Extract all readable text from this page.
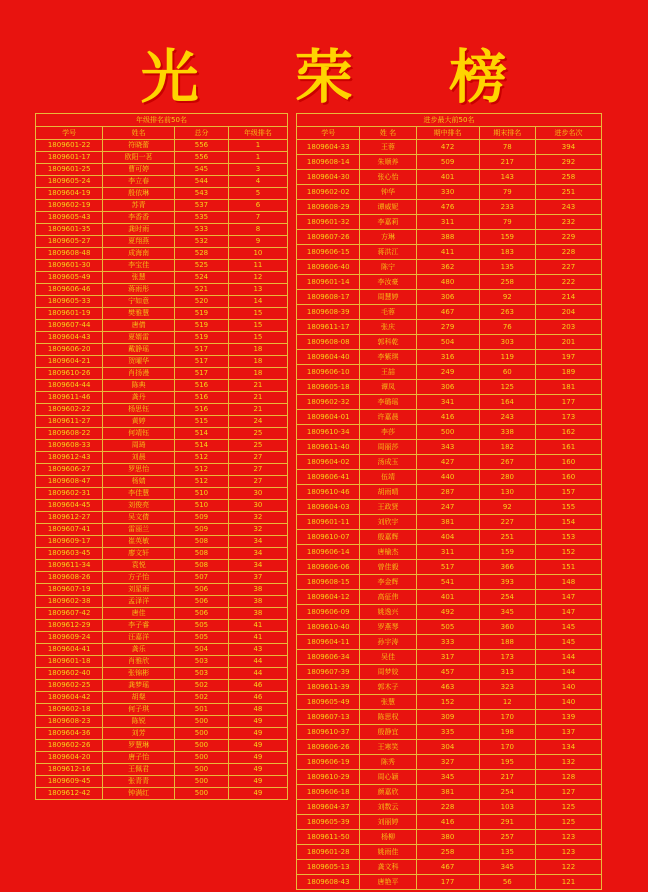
光 荣 榜
年级排名前50名			
学号	姓名	总分	年级排名
1809601-22	符晓蕾	556	1
1809601-17	欧阳一茗	556	1
1809601-25	曹可婷	545	3
1809605-24	李立春	544	4
1809604-19	殷依琳	543	5
1809602-19	苏青	537	6
1809605-43	李香香	535	7
1809601-35	龚时雨	533	8
1809605-27	夏翔燕	532	9
1809608-48	成海南	528	10
1809601-30	李宝佳	525	11
1809605-49	张慧	524	12
1809606-46	蒋雨彤	521	13
1809605-33	宁如意	520	14
1809601-19	樊雅慧	519	15
1809607-44	唐倩	519	15
1809604-43	夏婿雷	519	15
1809606-20	戴静瑶	517	18
1809604-21	贺曜华	517	18
1809610-26	肖扬漫	517	18
1809604-44	陈典	516	21
1809611-46	龚丹	516	21
1809602-22	杨思钰	516	21
1809611-27	黄婷	515	24
1809608-22	何靖钰	514	25
1809608-33	周琦	514	25
1809612-43	刘晨	512	27
1809606-27	罗思怡	512	27
1809608-47	杨婧	512	27
1809602-31	李佳慧	510	30
1809604-45	刘俊亮	510	30
1809612-27	吴文倩	509	32
1809607-41	雷丽兰	509	32
1809609-17	崔英敏	508	34
1809603-45	廖文轩	508	34
1809611-34	袁悦	508	34
1809608-26	方子怡	507	37
1809607-19	刘星雨	506	38
1809602-38	孟泽洋	506	38
1809607-42	唐佳	506	38
1809612-29	李子睿	505	41
1809609-24	汪嘉洋	505	41
1809604-41	龚乐	504	43
1809601-18	肖雅欣	503	44
1809602-40	张锦彬	503	44
1809602-25	龚梦瑶	502	46
1809604-42	胡粲	502	46
1809602-18	何子琪	501	48
1809608-23	陈锐	500	49
1809604-36	刘芳	500	49
1809602-26	罗慧琳	500	49
1809604-20	唐子怡	500	49
1809612-16	王佩君	500	49
1809609-45	张青青	500	49
1809612-42	钟满红	500	49
进步最大前50名				
学号	姓 名	期中排名	期末排名	进步名次
1809604-33	王蓉	472	78	394
1809608-14	朱顺养	509	217	292
1809604-30	张心怡	401	143	258
1809602-02	钟华	330	79	251
1809608-29	谭威妮	476	233	243
1809601-32	李嘉莉	311	79	232
1809607-26	方琳	388	159	229
1809606-15	蒋洪江	411	183	228
1809606-40	陈宁	362	135	227
1809601-14	李汝豪	480	258	222
1809608-17	周慧婷	306	92	214
1809608-39	毛蓉	467	263	204
1809611-17	张庆	279	76	203
1809608-08	郭科乾	504	303	201
1809604-40	李紫琪	316	119	197
1809606-10	王喆	249	60	189
1809605-18	谭凤	306	125	181
1809602-32	李璐瑶	341	164	177
1809604-01	许嘉晨	416	243	173
1809610-34	李莎	500	338	162
1809611-40	周丽莎	343	182	161
1809604-02	汤成玉	427	267	160
1809606-41	伍靖	440	280	160
1809610-46	胡雨晴	287	130	157
1809604-03	王政贤	247	92	155
1809601-11	刘欣宇	381	227	154
1809610-07	殷嘉辉	404	251	153
1809606-14	唐榆杰	311	159	152
1809606-06	曾佳毅	517	366	151
1809608-15	李金辉	541	393	148
1809604-12	高征伟	401	254	147
1809606-09	姚逸兴	492	345	147
1809610-40	罗燕琴	505	360	145
1809604-11	孙宇涛	333	188	145
1809606-34	吴佳	317	173	144
1809607-39	周梦姣	457	313	144
1809611-39	郭木子	463	323	140
1809605-49	张慧	152	12	140
1809607-13	陈思权	309	170	139
1809610-37	殷静宜	335	198	137
1809606-26	王寒笑	304	170	134
1809606-19	陈秀	327	195	132
1809610-29	周心颖	345	217	128
1809606-18	颜嘉欣	381	254	127
1809604-37	刘数云	228	103	125
1809605-39	刘丽婷	416	291	125
1809611-50	杨柳	380	257	123
1809601-28	姚雨佳	258	135	123
1809605-13	龚文科	467	345	122
1809608-43	唐艳平	177	56	121
